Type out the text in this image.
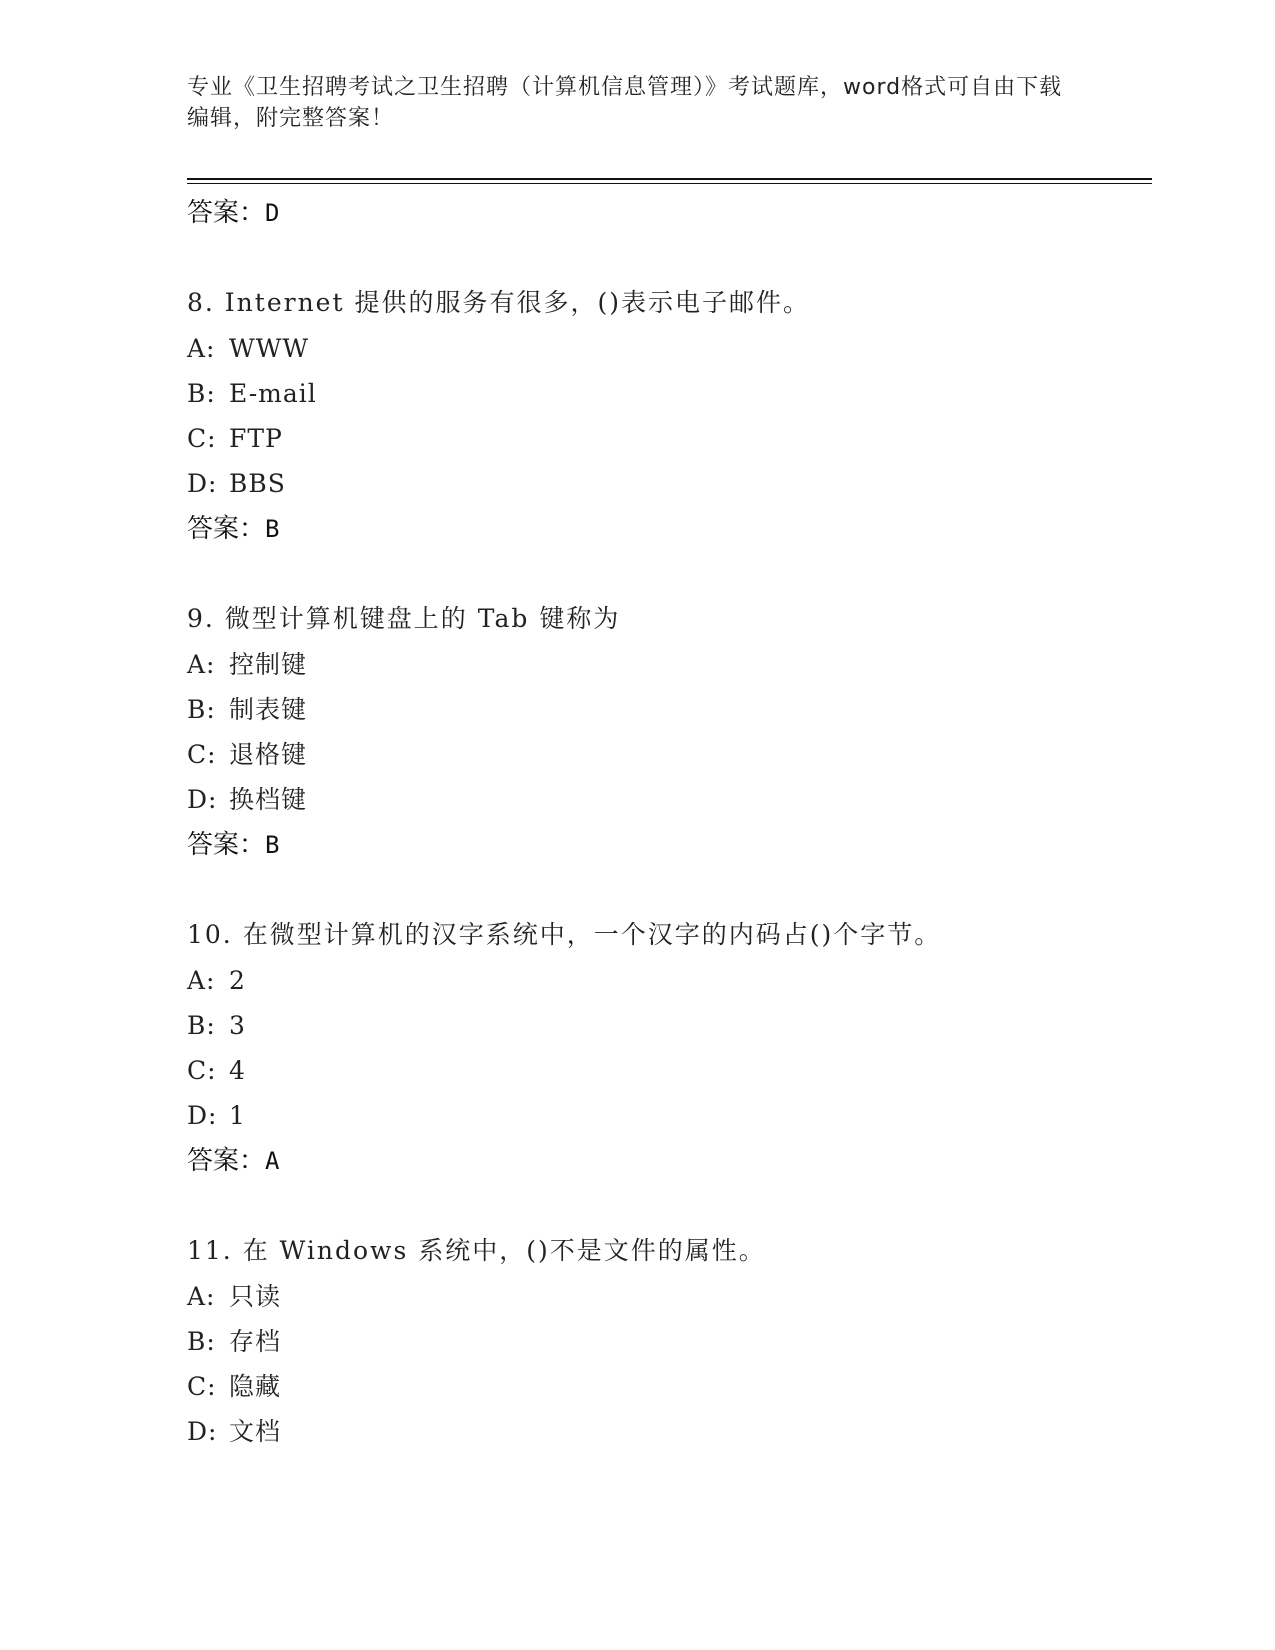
专业《卫生招聘考试之卫生招聘（计算机信息管理）》考试题库，word格式可自由下载编辑，附完整答案！
答案：D
8. Internet 提供的服务有很多，()表示电子邮件。
A: WWW
B: E-mail
C: FTP
D: BBS
答案：B
9. 微型计算机键盘上的 Tab 键称为
A: 控制键
B: 制表键
C: 退格键
D: 换档键
答案：B
10. 在微型计算机的汉字系统中，一个汉字的内码占()个字节。
A: 2
B: 3
C: 4
D: 1
答案：A
11. 在 Windows 系统中，()不是文件的属性。
A: 只读
B: 存档
C: 隐藏
D: 文档
